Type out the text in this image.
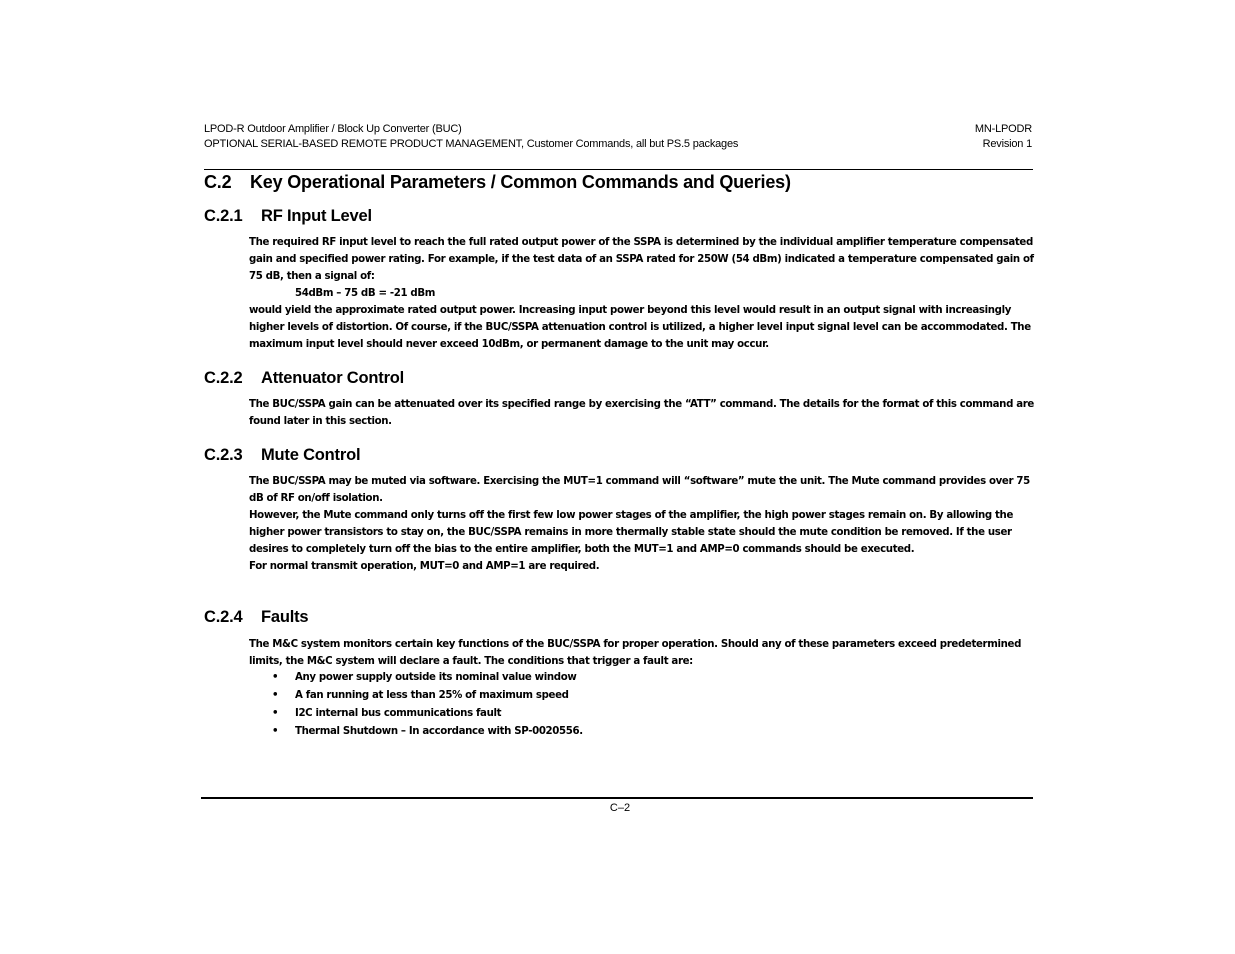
LPOD-R Outdoor Amplifier / Block Up Converter (BUC)
OPTIONAL SERIAL-BASED REMOTE PRODUCT MANAGEMENT, Customer Commands, all but PS.5 packages
MN-LPODR
Revision 1
C.2 Key Operational Parameters / Common Commands and Queries)
C.2.1 RF Input Level

The required RF input level to reach the full rated output power of the SSPA is determined by the individual amplifier temperature compensated gain and specified power rating. For example, if the test data of an SSPA rated for 250W (54 dBm) indicated a temperature compensated gain of 75 dB, then a signal of:

54dBm – 75 dB = -21 dBm

would yield the approximate rated output power. Increasing input power beyond this level would result in an output signal with increasingly higher levels of distortion. Of course, if the BUC/SSPA attenuation control is utilized, a higher level input signal level can be accommodated. The maximum input level should never exceed 10dBm, or permanent damage to the unit may occur.

C.2.2 Attenuator Control

The BUC/SSPA gain can be attenuated over its specified range by exercising the “ATT” command. The details for the format of this command are found later in this section.

C.2.3 Mute Control

The BUC/SSPA may be muted via software. Exercising the MUT=1 command will “software” mute the unit. The Mute command provides over 75 dB of RF on/off isolation.

However, the Mute command only turns off the first few low power stages of the amplifier, the high power stages remain on. By allowing the higher power transistors to stay on, the BUC/SSPA remains in more thermally stable state should the mute condition be removed. If the user desires to completely turn off the bias to the entire amplifier, both the MUT=1 and AMP=0 commands should be executed.

For normal transmit operation, MUT=0 and AMP=1 are required.

C.2.4 Faults

The M&C system monitors certain key functions of the BUC/SSPA for proper operation. Should any of these parameters exceed predetermined limits, the M&C system will declare a fault. The conditions that trigger a fault are:

• Any power supply outside its nominal value window
• A fan running at less than 25% of maximum speed
• I2C internal bus communications fault
• Thermal Shutdown – In accordance with SP-0020556.
C–2
